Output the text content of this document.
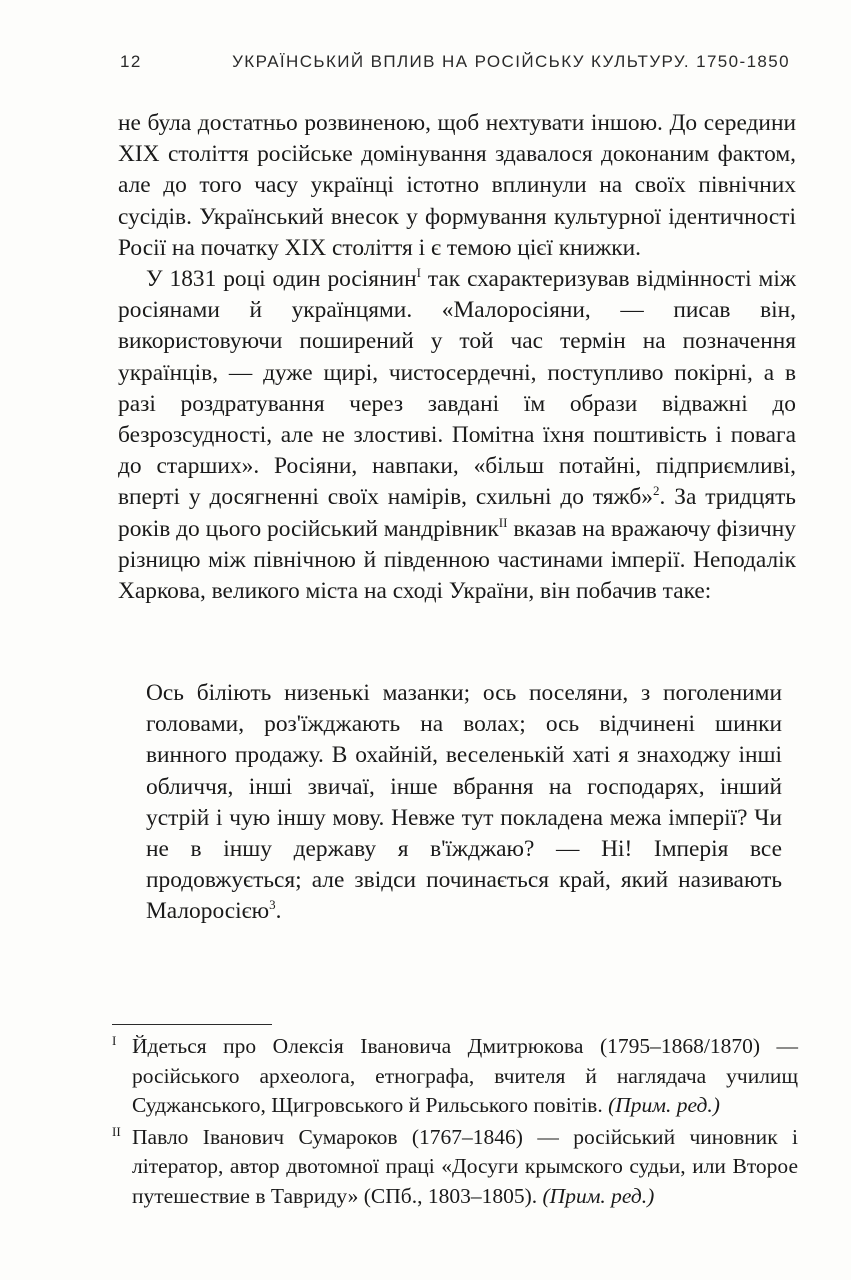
12	УКРАЇНСЬКИЙ ВПЛИВ НА РОСІЙСЬКУ КУЛЬТУРУ. 1750-1850

не була достатньо розвиненою, щоб нехтувати іншою. До середини XIX століття російське домінування здавалося доконаним фактом, але до того часу українці істотно вплинули на своїх північних сусідів. Український внесок у формування культурної ідентичності Росії на початку XIX століття і є темою цієї книжки.

У 1831 році один росіянин$^I$ так схарактеризував відмінності між росіянами й українцями. «Малоросіяни, — писав він, використовуючи поширений у той час термін на позначення українців, — дуже щирі, чистосердечні, поступливо покірні, а в разі роздратування через завдані їм образи відважні до безрозсудності, але не злостиві. Помітна їхня поштивість і повага до старших». Росіяни, навпаки, «більш потайні, підприємливі, вперті у досягненні своїх намірів, схильні до тяжб»$^2$. За тридцять років до цього російський мандрівник$^{II}$ вказав на вражаючу фізичну різницю між північною й південною частинами імперії. Неподалік Харкова, великого міста на сході України, він побачив таке:

Ось біліють низенькі мазанки; ось поселяни, з поголеними головами, роз'їжджають на волах; ось відчинені шинки винного продажу. В охайній, веселенькій хаті я знаходжу інші обличчя, інші звичаї, інше вбрання на господарях, інший устрій і чую іншу мову. Невже тут покладена межа імперії? Чи не в іншу державу я в'їжджаю? — Ні! Імперія все продовжується; але звідси починається край, який називають Малоросією$^3$.

I Йдеться про Олексія Івановича Дмитрюкова (1795–1868/1870) — російського археолога, етнографа, вчителя й наглядача училищ Суджанського, Щигровського й Рильського повітів. (Прим. ред.)

II Павло Іванович Сумароков (1767–1846) — російський чиновник і літератор, автор двотомної праці «Досуги крымского судьи, или Второе путешествие в Тавриду» (СПб., 1803–1805). (Прим. ред.)
